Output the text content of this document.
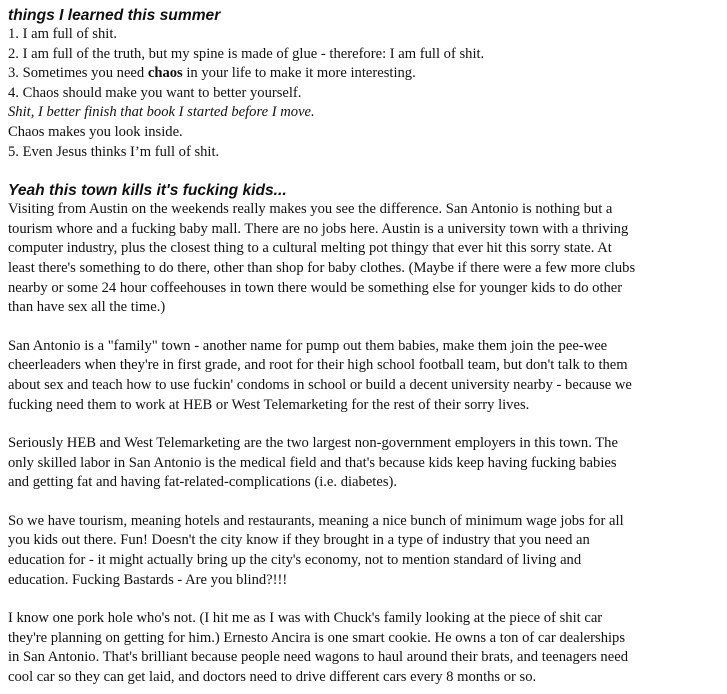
things I learned this summer

1. I am full of shit.

2. I am full of the truth, but my spine is made of glue - therefore: I am full of shit.

3. Sometimes you need chaos in your life to make it more interesting.

4. Chaos should make you want to better yourself.

Shit, I better finish that book I started before I move.

Chaos makes you look inside.

5. Even Jesus thinks I’m full of shit.

Yeah this town kills it's fucking kids...

Visiting from Austin on the weekends really makes you see the difference. San Antonio is nothing but a

tourism whore and a fucking baby mall. There are no jobs here. Austin is a university town with a thriving

computer industry, plus the closest thing to a cultural melting pot thingy that ever hit this sorry state. At

least there's something to do there, other than shop for baby clothes. (Maybe if there were a few more clubs

nearby or some 24 hour coffeehouses in town there would be something else for younger kids to do other

than have sex all the time.)

San Antonio is a "family" town - another name for pump out them babies, make them join the pee-wee

cheerleaders when they're in first grade, and root for their high school football team, but don't talk to them

about sex and teach how to use fuckin' condoms in school or build a decent university nearby - because we

fucking need them to work at HEB or West Telemarketing for the rest of their sorry lives.

Seriously HEB and West Telemarketing are the two largest non-government employers in this town. The

only skilled labor in San Antonio is the medical field and that's because kids keep having fucking babies

and getting fat and having fat-related-complications (i.e. diabetes).

So we have tourism, meaning hotels and restaurants, meaning a nice bunch of minimum wage jobs for all

you kids out there. Fun! Doesn't the city know if they brought in a type of industry that you need an

education for - it might actually bring up the city's economy, not to mention standard of living and

education. Fucking Bastards - Are you blind?!!!

I know one pork hole who's not. (I hit me as I was with Chuck's family looking at the piece of shit car

they're planning on getting for him.) Ernesto Ancira is one smart cookie. He owns a ton of car dealerships

in San Antonio. That's brilliant because people need wagons to haul around their brats, and teenagers need

cool car so they can get laid, and doctors need to drive different cars every 8 months or so.
